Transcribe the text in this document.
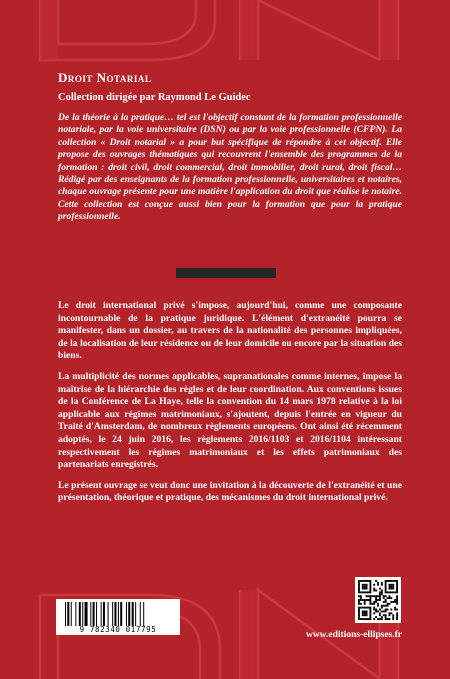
Droit Notarial
Collection dirigée par Raymond Le Guidec

De la théorie à la pratique… tel est l'objectif constant de la formation professionnelle notariale, par la voie universitaire (DSN) ou par la voie professionnelle (CFPN). La collection « Droit notarial » a pour but spécifique de répondre à cet objectif. Elle propose des ouvrages thématiques qui recouvrent l'ensemble des programmes de la formation : droit civil, droit commercial, droit immobilier, droit rural, droit fiscal… Rédigé par des enseignants de la formation professionnelle, universitaires et notaires, chaque ouvrage présente pour une matière l'application du droit que réalise le notaire. Cette collection est conçue aussi bien pour la formation que pour la pratique professionnelle.

Le droit international privé s'impose, aujourd'hui, comme une composante incontournable de la pratique juridique. L'élément d'extranéité pourra se manifester, dans un dossier, au travers de la nationalité des personnes impliquées, de la localisation de leur résidence ou de leur domicile ou encore par la situation des biens.

La multiplicité des normes applicables, supranationales comme internes, impose la maîtrise de la hiérarchie des règles et de leur coordination. Aux conventions issues de la Conférence de La Haye, telle la convention du 14 mars 1978 relative à la loi applicable aux régimes matrimoniaux, s'ajoutent, depuis l'entrée en vigueur du Traité d'Amsterdam, de nombreux règlements européens. Ont ainsi été récemment adoptés, le 24 juin 2016, les règlements 2016/1103 et 2016/1104 intéressant respectivement les régimes matrimoniaux et les effets patrimoniaux des partenariats enregistrés.

Le présent ouvrage se veut donc une invitation à la découverte de l'extranéité et une présentation, théorique et pratique, des mécanismes du droit international privé.

9 782340 017795
www.editions-ellipses.fr
